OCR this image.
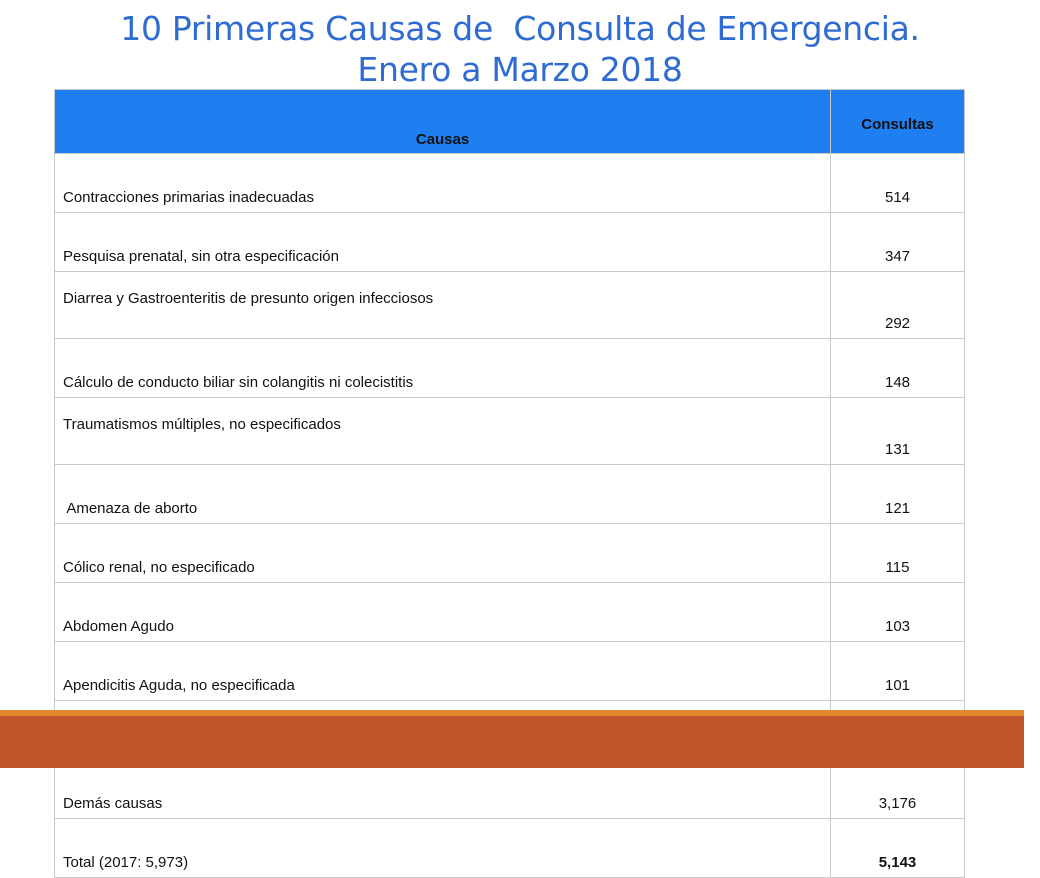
10 Primeras Causas de  Consulta de Emergencia.
Enero a Marzo 2018
Causas	Consultas
Contracciones primarias inadecuadas	514
Pesquisa prenatal, sin otra especificación	347
Diarrea y Gastroenteritis de presunto origen infecciosos	292
Cálculo de conducto biliar sin colangitis ni colecistitis	148
Traumatismos múltiples, no especificados	131
Amenaza de aborto	121
Cólico renal, no especificado	115
Abdomen Agudo	103
Apendicitis Aguda, no especificada	101

Demás causas	3,176
Total (2017: 5,973)	5,143
